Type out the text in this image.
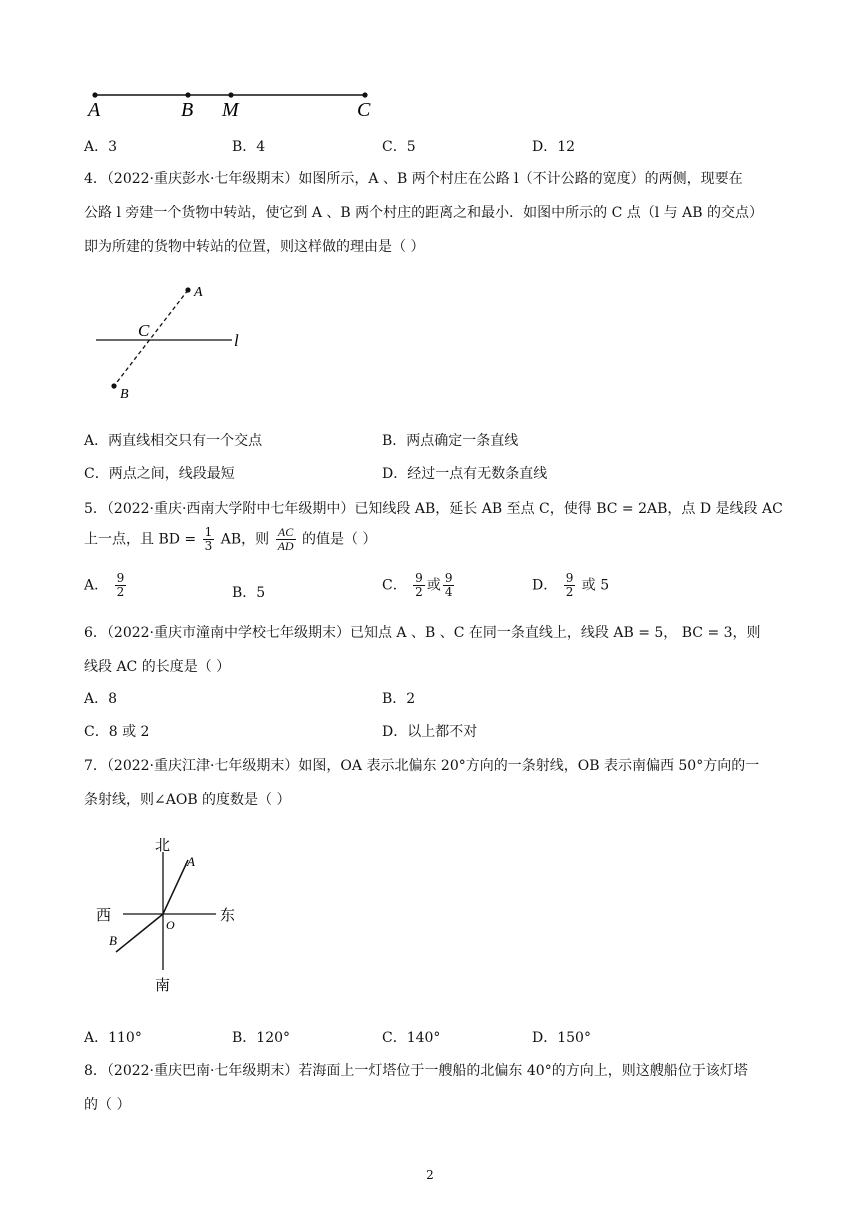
A	B M	C
A．3	B．4	C．5	D．12
4．（2022·重庆彭水·七年级期末）如图所示，A 、B 两个村庄在公路 l（不计公路的宽度）的两侧，现要在
公路 l 旁建一个货物中转站，使它到 A 、B 两个村庄的距离之和最小．如图中所示的 C 点（l 与 AB 的交点）
即为所建的货物中转站的位置，则这样做的理由是（ ）
A
C
l
B
A．两直线相交只有一个交点	B．两点确定一条直线
C．两点之间，线段最短	D．经过一点有无数条直线
5．（2022·重庆·西南大学附中七年级期中）已知线段 AB，延长 AB 至点 C，使得 BC = 2AB，点 D 是线段 AC
上一点，且 BD = $\frac{1}{3}$ AB，则 $\frac{AC}{AD}$ 的值是（ ）
A． $\frac{9}{2}$	B．5	C． $\frac{9}{2}$ 或 $\frac{9}{4}$	D． $\frac{9}{2}$ 或 5
6．（2022·重庆市潼南中学校七年级期末）已知点 A 、B 、C 在同一条直线上，线段 AB = 5， BC = 3，则
线段 AC 的长度是（ ）
A．8	B．2
C．8 或 2	D．以上都不对
7．（2022·重庆江津·七年级期末）如图，OA 表示北偏东 20°方向的一条射线，OB 表示南偏西 50°方向的一
条射线，则∠AOB 的度数是（ ）
北
南
西	东
A
B
O
A．110°	B．120°	C．140°	D．150°
8．（2022·重庆巴南·七年级期末）若海面上一灯塔位于一艘船的北偏东 40°的方向上，则这艘船位于该灯塔
的（ ）
2
